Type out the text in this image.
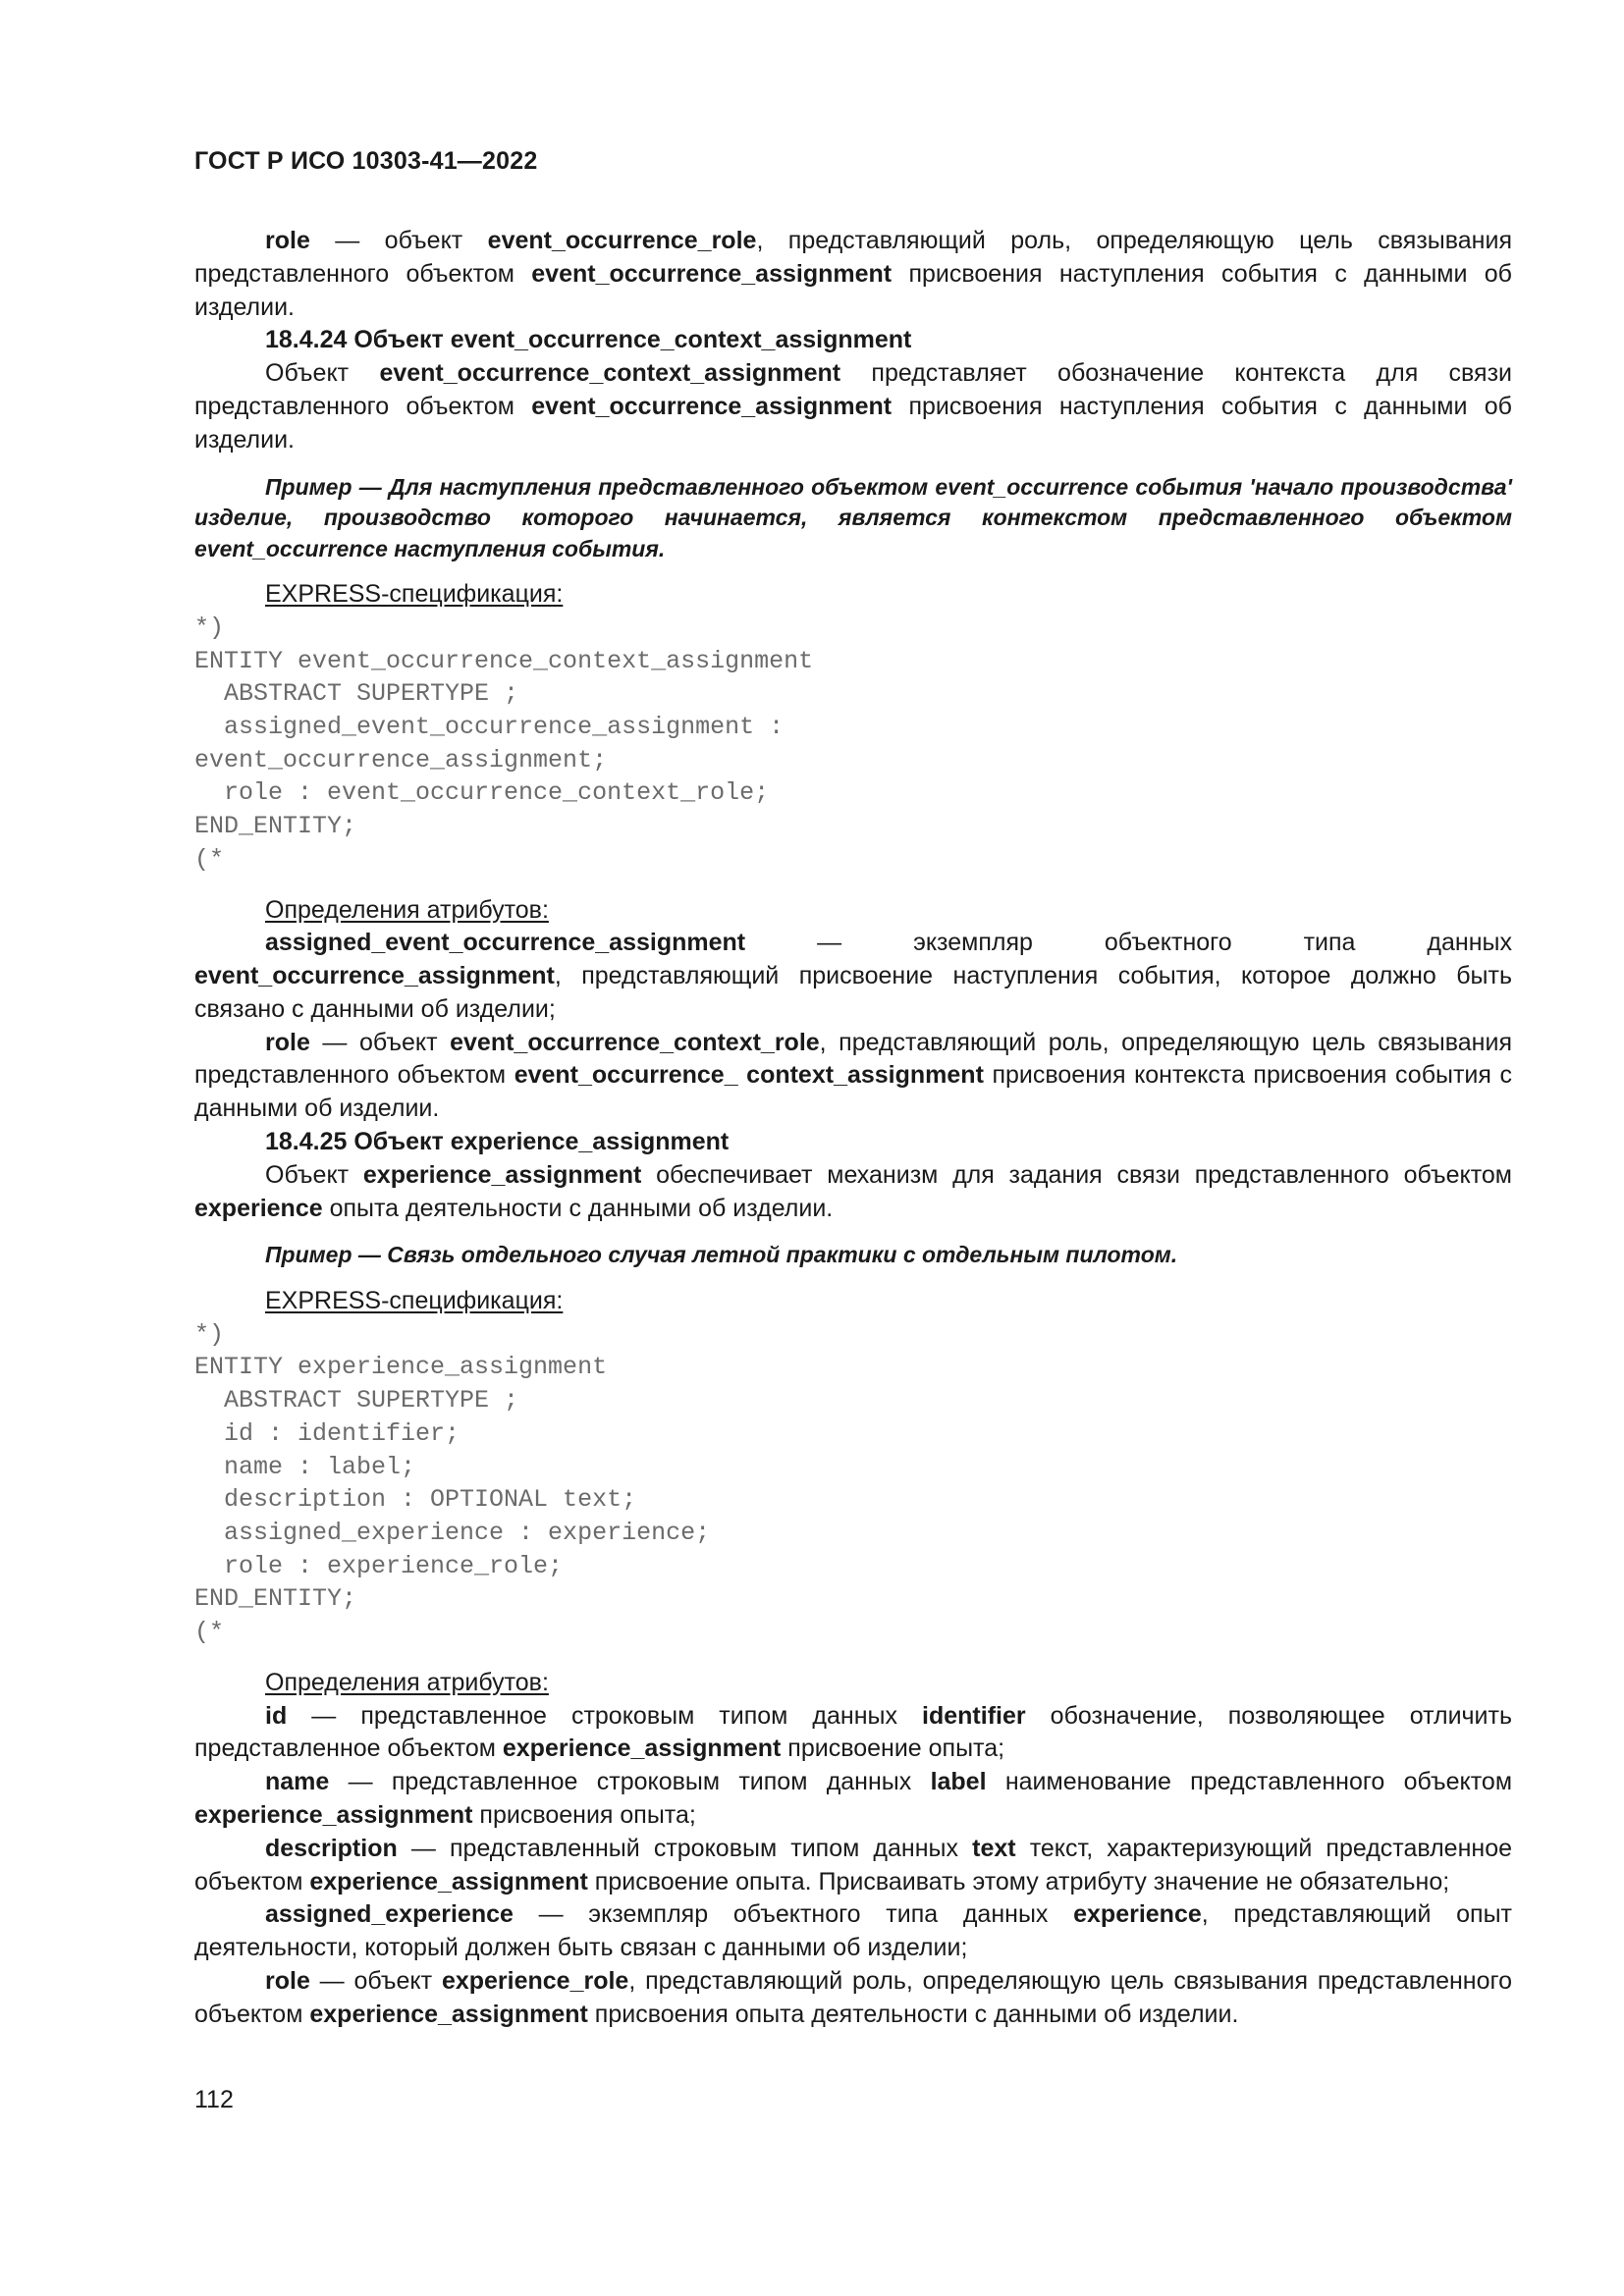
ГОСТ Р ИСО 10303-41—2022

role — объект event_occurrence_role, представляющий роль, определяющую цель связывания представленного объектом event_occurrence_assignment присвоения наступления события с данными об изделии.

18.4.24 Объект event_occurrence_context_assignment

Объект event_occurrence_context_assignment представляет обозначение контекста для связи представленного объектом event_occurrence_assignment присвоения наступления события с данными об изделии.

Пример — Для наступления представленного объектом event_occurrence события 'начало производства' изделие, производство которого начинается, является контекстом представленного объектом event_occurrence наступления события.

EXPRESS-спецификация:

*)
ENTITY event_occurrence_context_assignment
ABSTRACT SUPERTYPE ;
assigned_event_occurrence_assignment :
event_occurrence_assignment;
role : event_occurrence_context_role;
END_ENTITY;
(*

Определения атрибутов:

assigned_event_occurrence_assignment — экземпляр объектного типа данных event_occurrence_assignment, представляющий присвоение наступления события, которое должно быть связано с данными об изделии;

role — объект event_occurrence_context_role, представляющий роль, определяющую цель связывания представленного объектом event_occurrence_ context_assignment присвоения контекста присвоения события с данными об изделии.

18.4.25 Объект experience_assignment

Объект experience_assignment обеспечивает механизм для задания связи представленного объектом experience опыта деятельности с данными об изделии.

Пример — Связь отдельного случая летной практики с отдельным пилотом.

EXPRESS-спецификация:

*)
ENTITY experience_assignment
ABSTRACT SUPERTYPE ;
id : identifier;
name : label;
description : OPTIONAL text;
assigned_experience : experience;
role : experience_role;
END_ENTITY;
(*

Определения атрибутов:

id — представленное строковым типом данных identifier обозначение, позволяющее отличить представленное объектом experience_assignment присвоение опыта;

name — представленное строковым типом данных label наименование представленного объектом experience_assignment присвоения опыта;

description — представленный строковым типом данных text текст, характеризующий представленное объектом experience_assignment присвоение опыта. Присваивать этому атрибуту значение не обязательно;

assigned_experience — экземпляр объектного типа данных experience, представляющий опыт деятельности, который должен быть связан с данными об изделии;

role — объект experience_role, представляющий роль, определяющую цель связывания представленного объектом experience_assignment присвоения опыта деятельности с данными об изделии.

112
